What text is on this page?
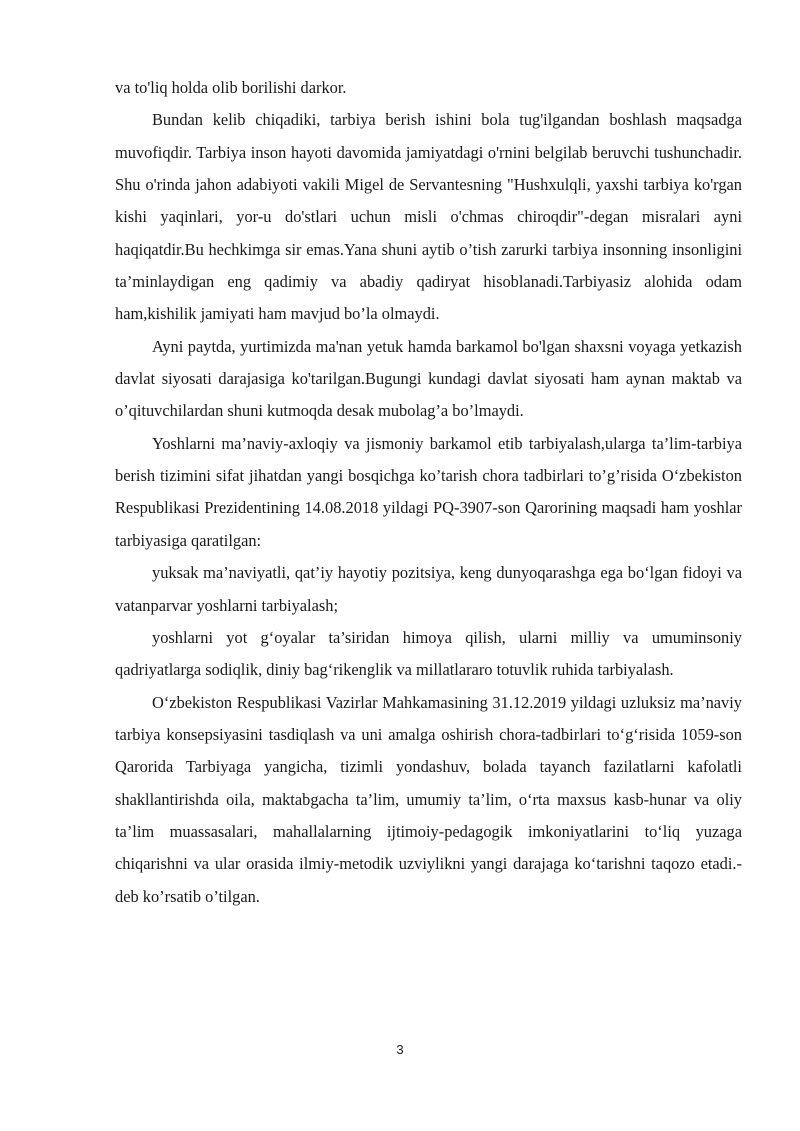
va to'liq holda olib borilishi darkor.

Bundan kelib chiqadiki, tarbiya berish ishini bola tug'ilgandan boshlash maqsadga muvofiqdir. Tarbiya inson hayoti davomida jamiyatdagi o'rnini belgilab beruvchi tushunchadir. Shu o'rinda jahon adabiyoti vakili Migel de Servantesning "Hushxulqli, yaxshi tarbiya ko'rgan kishi yaqinlari, yor-u do'stlari uchun misli o'chmas chiroqdir"-degan misralari ayni haqiqatdir.Bu hechkimga sir emas.Yana shuni aytib o’tish zarurki tarbiya insonning insonligini ta’minlaydigan eng qadimiy va abadiy qadiryat hisoblanadi.Tarbiyasiz alohida odam ham,kishilik jamiyati ham mavjud bo’la olmaydi.

Ayni paytda, yurtimizda ma'nan yetuk hamda barkamol bo'lgan shaxsni voyaga yetkazish davlat siyosati darajasiga ko'tarilgan.Bugungi kundagi davlat siyosati ham aynan maktab va o’qituvchilardan shuni kutmoqda desak mubolag’a bo’lmaydi.

Yoshlarni ma’naviy-axloqiy va jismoniy barkamol etib tarbiyalash,ularga ta’lim-tarbiya berish tizimini sifat jihatdan yangi bosqichga ko’tarish chora tadbirlari to’g’risida O‘zbekiston Respublikasi Prezidentining 14.08.2018 yildagi PQ-3907-son Qarorining maqsadi ham yoshlar tarbiyasiga qaratilgan:

yuksak ma’naviyatli, qat’iy hayotiy pozitsiya, keng dunyoqarashga ega bo‘lgan fidoyi va vatanparvar yoshlarni tarbiyalash;

yoshlarni yot g‘oyalar ta’siridan himoya qilish, ularni milliy va umuminsoniy qadriyatlarga sodiqlik, diniy bag‘rikenglik va millatlararo totuvlik ruhida tarbiyalash.

O‘zbekiston Respublikasi Vazirlar Mahkamasining 31.12.2019 yildagi uzluksiz ma’naviy tarbiya konsepsiyasini tasdiqlash va uni amalga oshirish chora-tadbirlari to‘g‘risida 1059-son Qarorida Tarbiyaga yangicha, tizimli yondashuv, bolada tayanch fazilatlarni kafolatli shakllantirishda oila, maktabgacha ta’lim, umumiy ta’lim, o‘rta maxsus kasb-hunar va oliy ta’lim muassasalari, mahallalarning ijtimoiy-pedagogik imkoniyatlarini to‘liq yuzaga chiqarishni va ular orasida ilmiy-metodik uzviylikni yangi darajaga ko‘tarishni taqozo etadi.-deb ko’rsatib o’tilgan.

3
